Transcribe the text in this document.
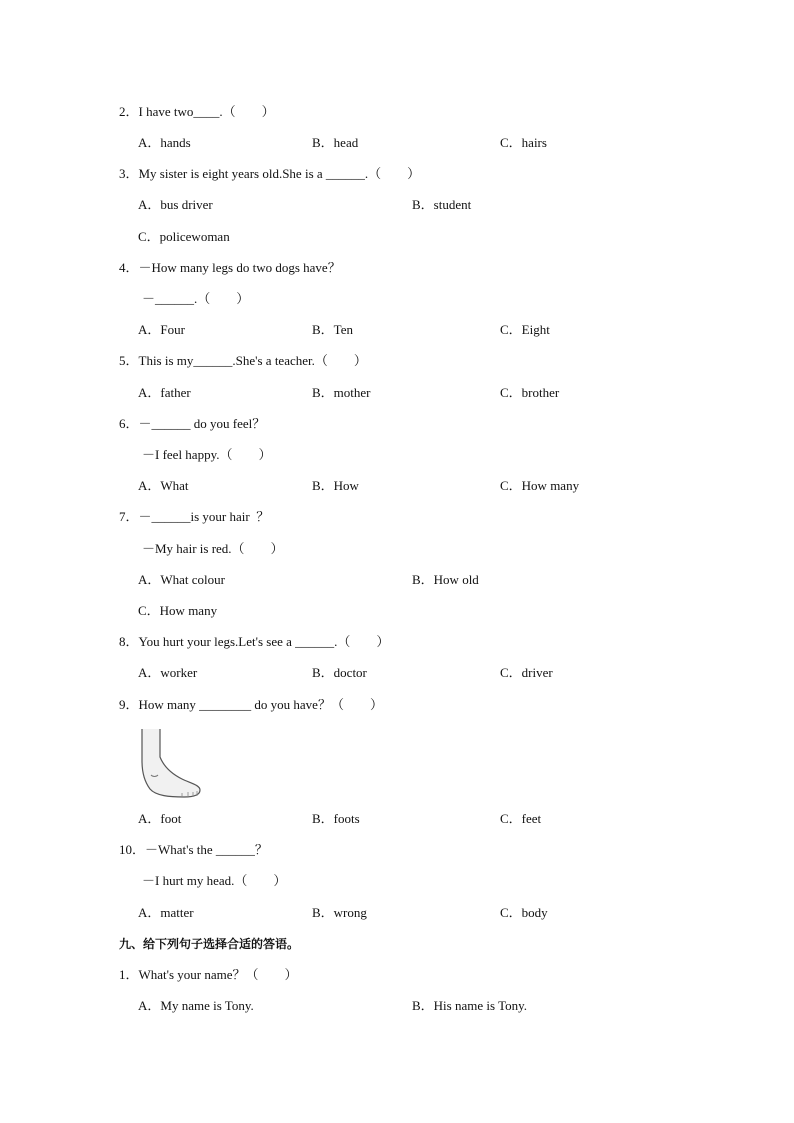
2．I have two____.（        ）
A．hands	B．head	C．hairs
3．My sister is eight years old.She is a ______.（        ）
A．bus driver	B．student
C．policewoman
4．－How many legs do two dogs have？
－______.（        ）
A．Four	B．Ten	C．Eight
5．This is my______.She's a teacher.（        ）
A．father	B．mother	C．brother
6．－______ do you feel？
－I feel happy.（        ）
A．What	B．How	C．How many
7．－______is your hair  ？
－My hair is red.（        ）
A．What colour	B．How old
C．How many
8．You hurt your legs.Let's see a ______.（        ）
A．worker	B．doctor	C．driver
9．How many ________ do you have？（        ）
A．foot	B．foots	C．feet
10．－What's the ______？
－I hurt my head.（        ）
A．matter	B．wrong	C．body
九、给下列句子选择合适的答语。
1．What's your name？（        ）
A．My name is Tony.	B．His name is Tony.
